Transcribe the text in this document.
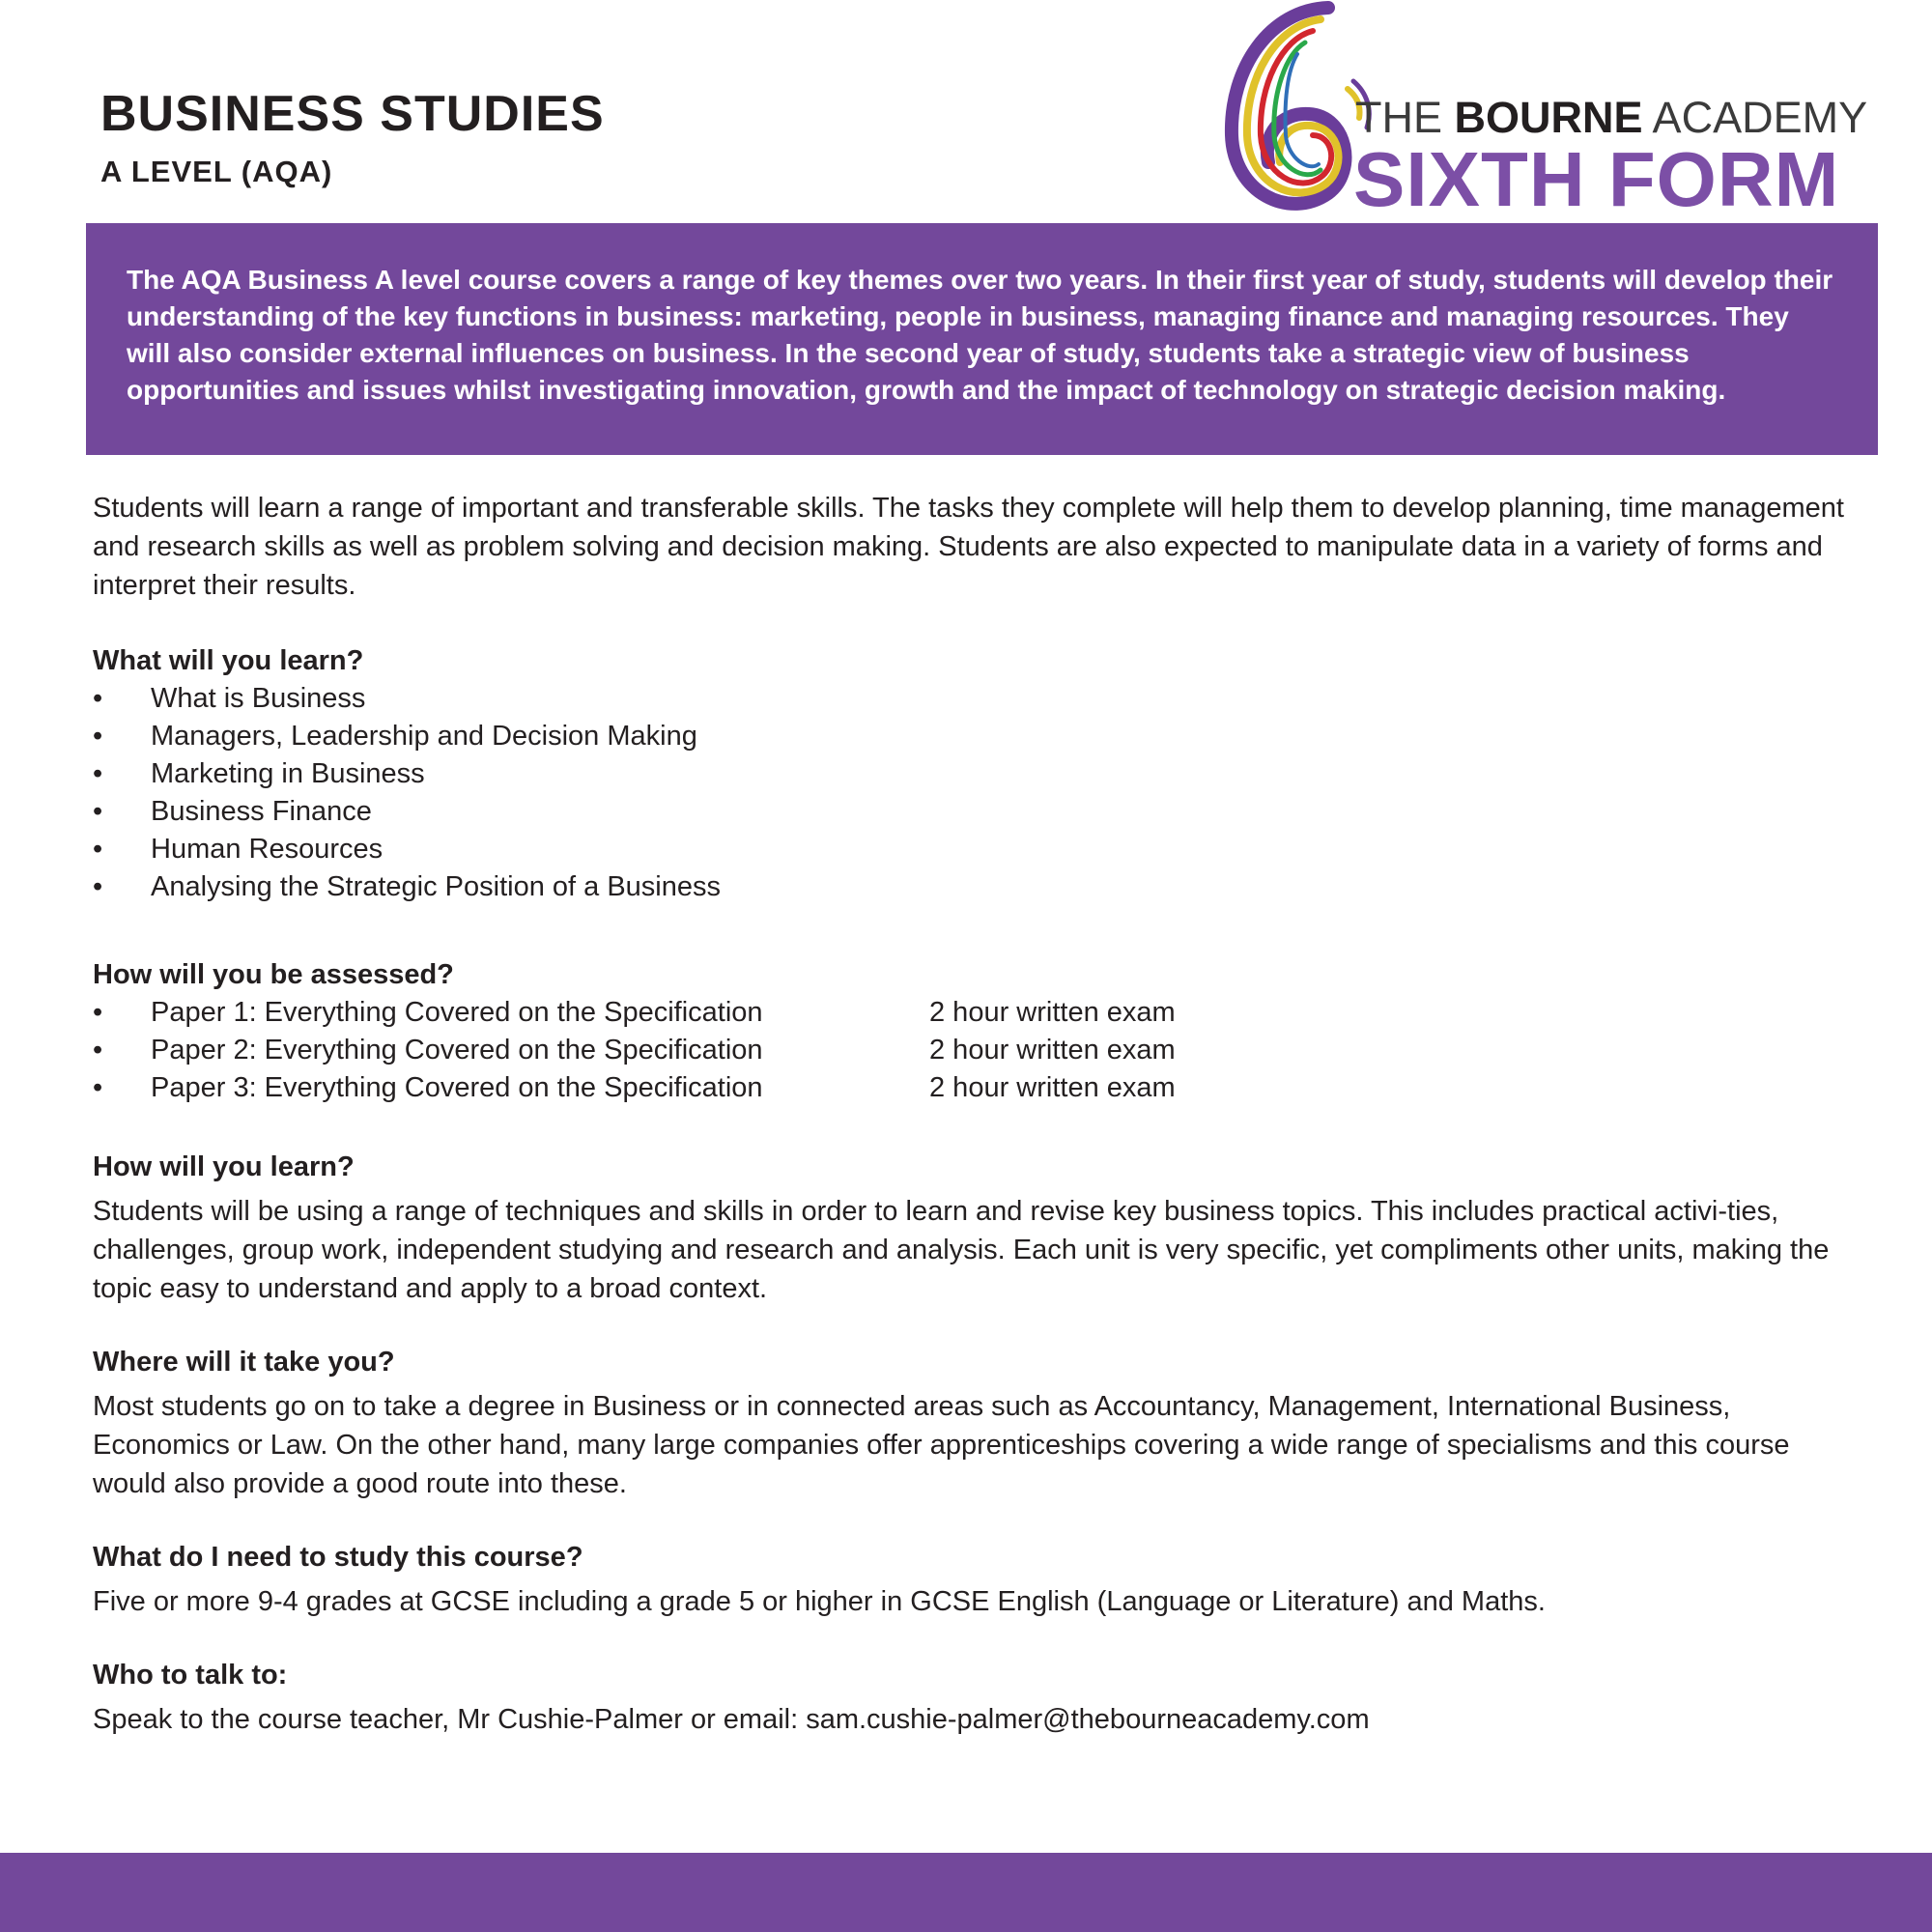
BUSINESS STUDIES
A LEVEL (AQA)
THE BOURNE ACADEMY
SIXTH FORM

The AQA Business A level course covers a range of key themes over two years. In their first year of study, students will develop their understanding of the key functions in business: marketing, people in business, managing finance and managing resources. They will also consider external influences on business. In the second year of study, students take a strategic view of business opportunities and issues whilst investigating innovation, growth and the impact of technology on strategic decision making.

Students will learn a range of important and transferable skills. The tasks they complete will help them to develop planning, time management and research skills as well as problem solving and decision making. Students are also expected to manipulate data in a variety of forms and interpret their results.

What will you learn?
• What is Business
• Managers, Leadership and Decision Making
• Marketing in Business
• Business Finance
• Human Resources
• Analysing the Strategic Position of a Business
How will you be assessed?
• Paper 1: Everything Covered on the Specification	2 hour written exam
• Paper 2: Everything Covered on the Specification	2 hour written exam
• Paper 3: Everything Covered on the Specification	2 hour written exam
How will you learn?

Students will be using a range of techniques and skills in order to learn and revise key business topics. This includes practical activi-ties, challenges, group work, independent studying and research and analysis. Each unit is very specific, yet compliments other units, making the topic easy to understand and apply to a broad context.

Where will it take you?

Most students go on to take a degree in Business or in connected areas such as Accountancy, Management, International Business, Economics or Law. On the other hand, many large companies offer apprenticeships covering a wide range of specialisms and this course would also provide a good route into these.

What do I need to study this course?

Five or more 9-4 grades at GCSE including a grade 5 or higher in GCSE English (Language or Literature) and Maths.

Who to talk to:

Speak to the course teacher, Mr Cushie-Palmer or email: sam.cushie-palmer@thebourneacademy.com
